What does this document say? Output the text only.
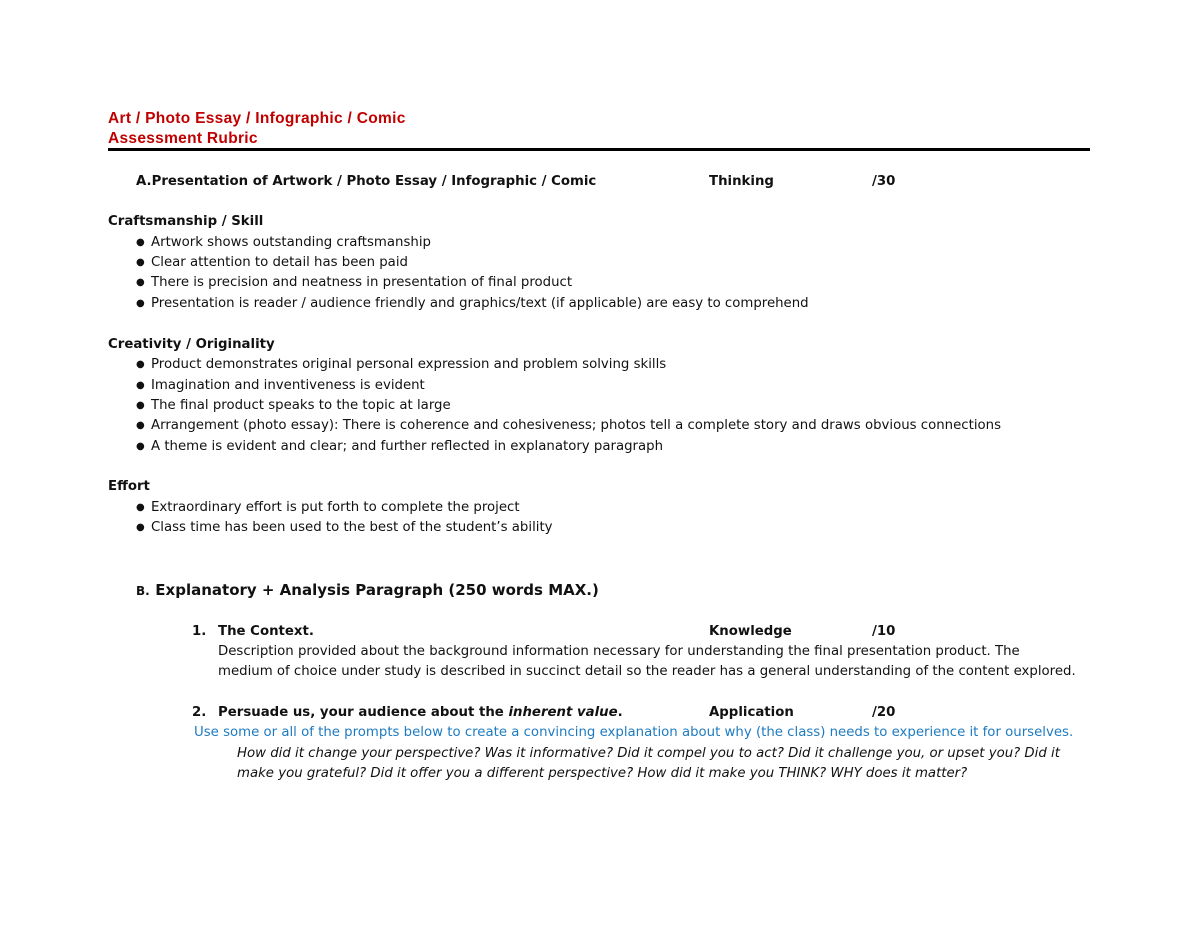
Art / Photo Essay / Infographic / Comic
Assessment Rubric
A.Presentation of Artwork / Photo Essay / Infographic / Comic	Thinking	/30
Craftsmanship / Skill
● Artwork shows outstanding craftsmanship
● Clear attention to detail has been paid
● There is precision and neatness in presentation of final product
● Presentation is reader / audience friendly and graphics/text (if applicable) are easy to comprehend
Creativity / Originality
● Product demonstrates original personal expression and problem solving skills
● Imagination and inventiveness is evident
● The final product speaks to the topic at large
● Arrangement (photo essay): There is coherence and cohesiveness; photos tell a complete story and draws obvious connections
● A theme is evident and clear; and further reflected in explanatory paragraph
Effort
● Extraordinary effort is put forth to complete the project
● Class time has been used to the best of the student’s ability
B. Explanatory + Analysis Paragraph (250 words MAX.)
1. The Context.	Knowledge	/10
Description provided about the background information necessary for understanding the final presentation product. The
medium of choice under study is described in succinct detail so the reader has a general understanding of the content explored.
2. Persuade us, your audience about the inherent value.	Application	/20
Use some or all of the prompts below to create a convincing explanation about why (the class) needs to experience it for ourselves.
How did it change your perspective? Was it informative? Did it compel you to act? Did it challenge you, or upset you? Did it
make you grateful? Did it offer you a different perspective? How did it make you THINK? WHY does it matter?
